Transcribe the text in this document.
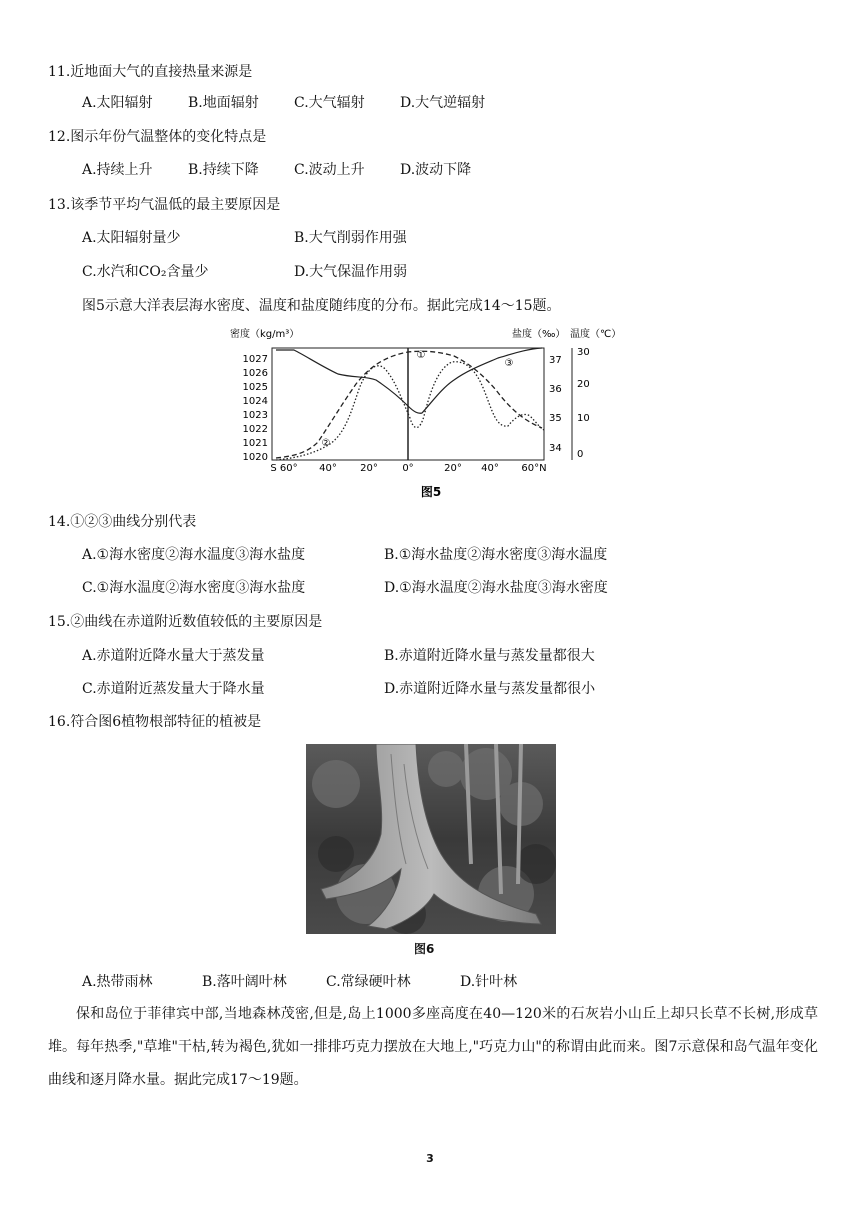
11.近地面大气的直接热量来源是
A.太阳辐射	B.地面辐射	C.大气辐射	D.大气逆辐射
12.图示年份气温整体的变化特点是
A.持续上升	B.持续下降	C.波动上升	D.波动下降
13.该季节平均气温低的最主要原因是
A.太阳辐射量少	B.大气削弱作用强
C.水汽和CO₂含量少	D.大气保温作用弱
图5示意大洋表层海水密度、温度和盐度随纬度的分布。据此完成14～15题。
密度（kg/m³）	盐度（‰） 温度（℃）
1027
1026
1025
1024
1023
1022
1021
1020
37
36
35
34
30
20
10
0
S 60° 40° 20° 0°	20° 40° 60°N
①
②
③
图5
14.①②③曲线分别代表
A.①海水密度②海水温度③海水盐度	B.①海水盐度②海水密度③海水温度
C.①海水温度②海水密度③海水盐度	D.①海水温度②海水盐度③海水密度
15.②曲线在赤道附近数值较低的主要原因是
A.赤道附近降水量大于蒸发量	B.赤道附近降水量与蒸发量都很大
C.赤道附近蒸发量大于降水量	D.赤道附近降水量与蒸发量都很小
16.符合图6植物根部特征的植被是
图6
A.热带雨林	B.落叶阔叶林	C.常绿硬叶林	D.针叶林
保和岛位于菲律宾中部,当地森林茂密,但是,岛上1000多座高度在40—120米的石灰岩小山丘上却只长草不长树,形成草堆。每年热季,"草堆"干枯,转为褐色,犹如一排排巧克力摆放在大地上,"巧克力山"的称谓由此而来。图7示意保和岛气温年变化曲线和逐月降水量。据此完成17～19题。
3
